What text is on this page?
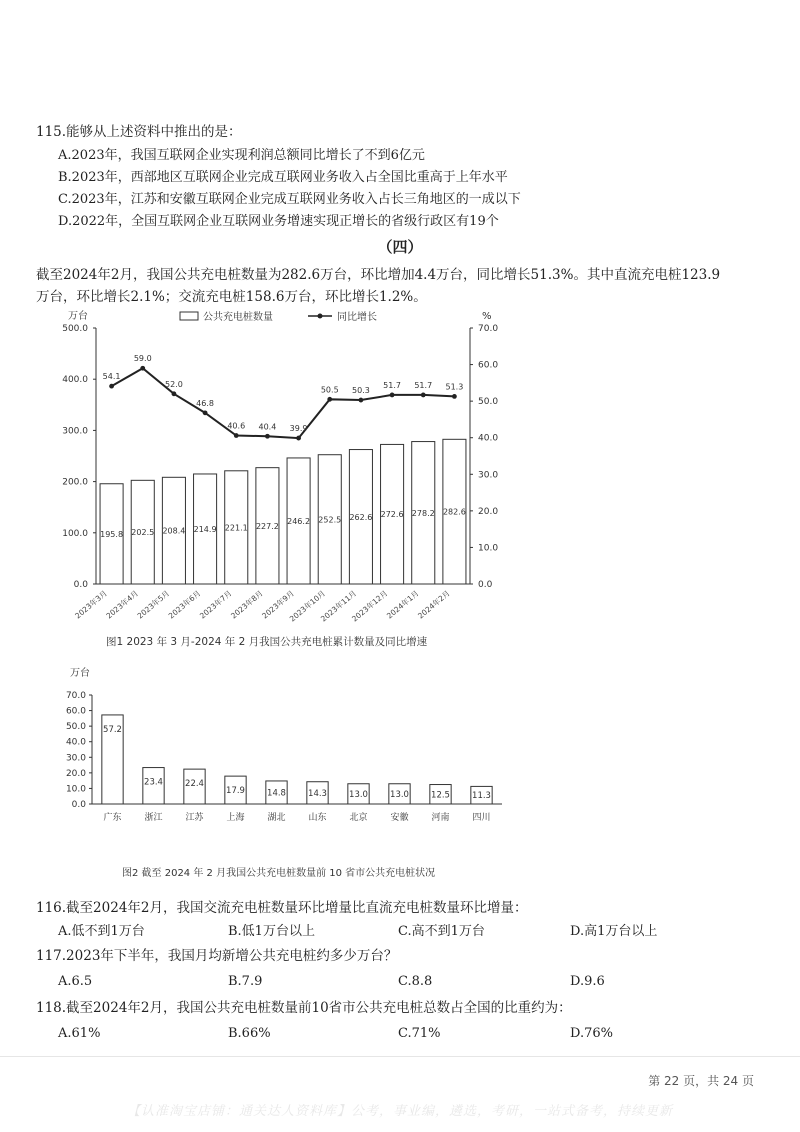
115.能够从上述资料中推出的是：
A.2023年，我国互联网企业实现利润总额同比增长了不到6亿元
B.2023年，西部地区互联网企业完成互联网业务收入占全国比重高于上年水平
C.2023年，江苏和安徽互联网企业完成互联网业务收入占长三角地区的一成以下
D.2022年，全国互联网企业互联网业务增速实现正增长的省级行政区有19个
（四）
截至2024年2月，我国公共充电桩数量为282.6万台，环比增加4.4万台，同比增长51.3%。其中直流充电桩123.9
万台，环比增长2.1%；交流充电桩158.6万台，环比增长1.2%。
万台	%
公共充电桩数量	同比增长
0.0
100.0
200.0
300.0
400.0
500.0
0.0
10.0
20.0
30.0
40.0
50.0
60.0
70.0
195.8
2023年3月
202.5
2023年4月
208.4
2023年5月
214.9
2023年6月
221.1
2023年7月
227.2
2023年8月
246.2
2023年9月
252.5
2023年10月
262.6
2023年11月
272.6
2023年12月
278.2
2024年1月
282.6
2024年2月
54.1
59.0
52.0
46.8
40.6 40.4 39.9
50.5 50.3
51.7 51.7 51.3
图1 2023 年 3 月-2024 年 2 月我国公共充电桩累计数量及同比增速
万台
0.0
10.0
20.0
30.0
40.0
50.0
60.0
70.0
57.2
广东
23.4
浙江
22.4
江苏
17.9
上海
14.8
湖北
14.3
山东
13.0
北京
13.0
安徽
12.5
河南
11.3
四川
图2 截至 2024 年 2 月我国公共充电桩数量前 10 省市公共充电桩状况
116.截至2024年2月，我国交流充电桩数量环比增量比直流充电桩数量环比增量：
A.低不到1万台	B.低1万台以上	C.高不到1万台	D.高1万台以上
117.2023年下半年，我国月均新增公共充电桩约多少万台？
A.6.5	B.7.9	C.8.8	D.9.6
118.截至2024年2月，我国公共充电桩数量前10省市公共充电桩总数占全国的比重约为：
A.61%	B.66%	C.71%	D.76%
第 22 页，共 24 页
【认准淘宝店铺：通关达人资料库】公考，事业编，遴选，考研，一站式备考，持续更新
